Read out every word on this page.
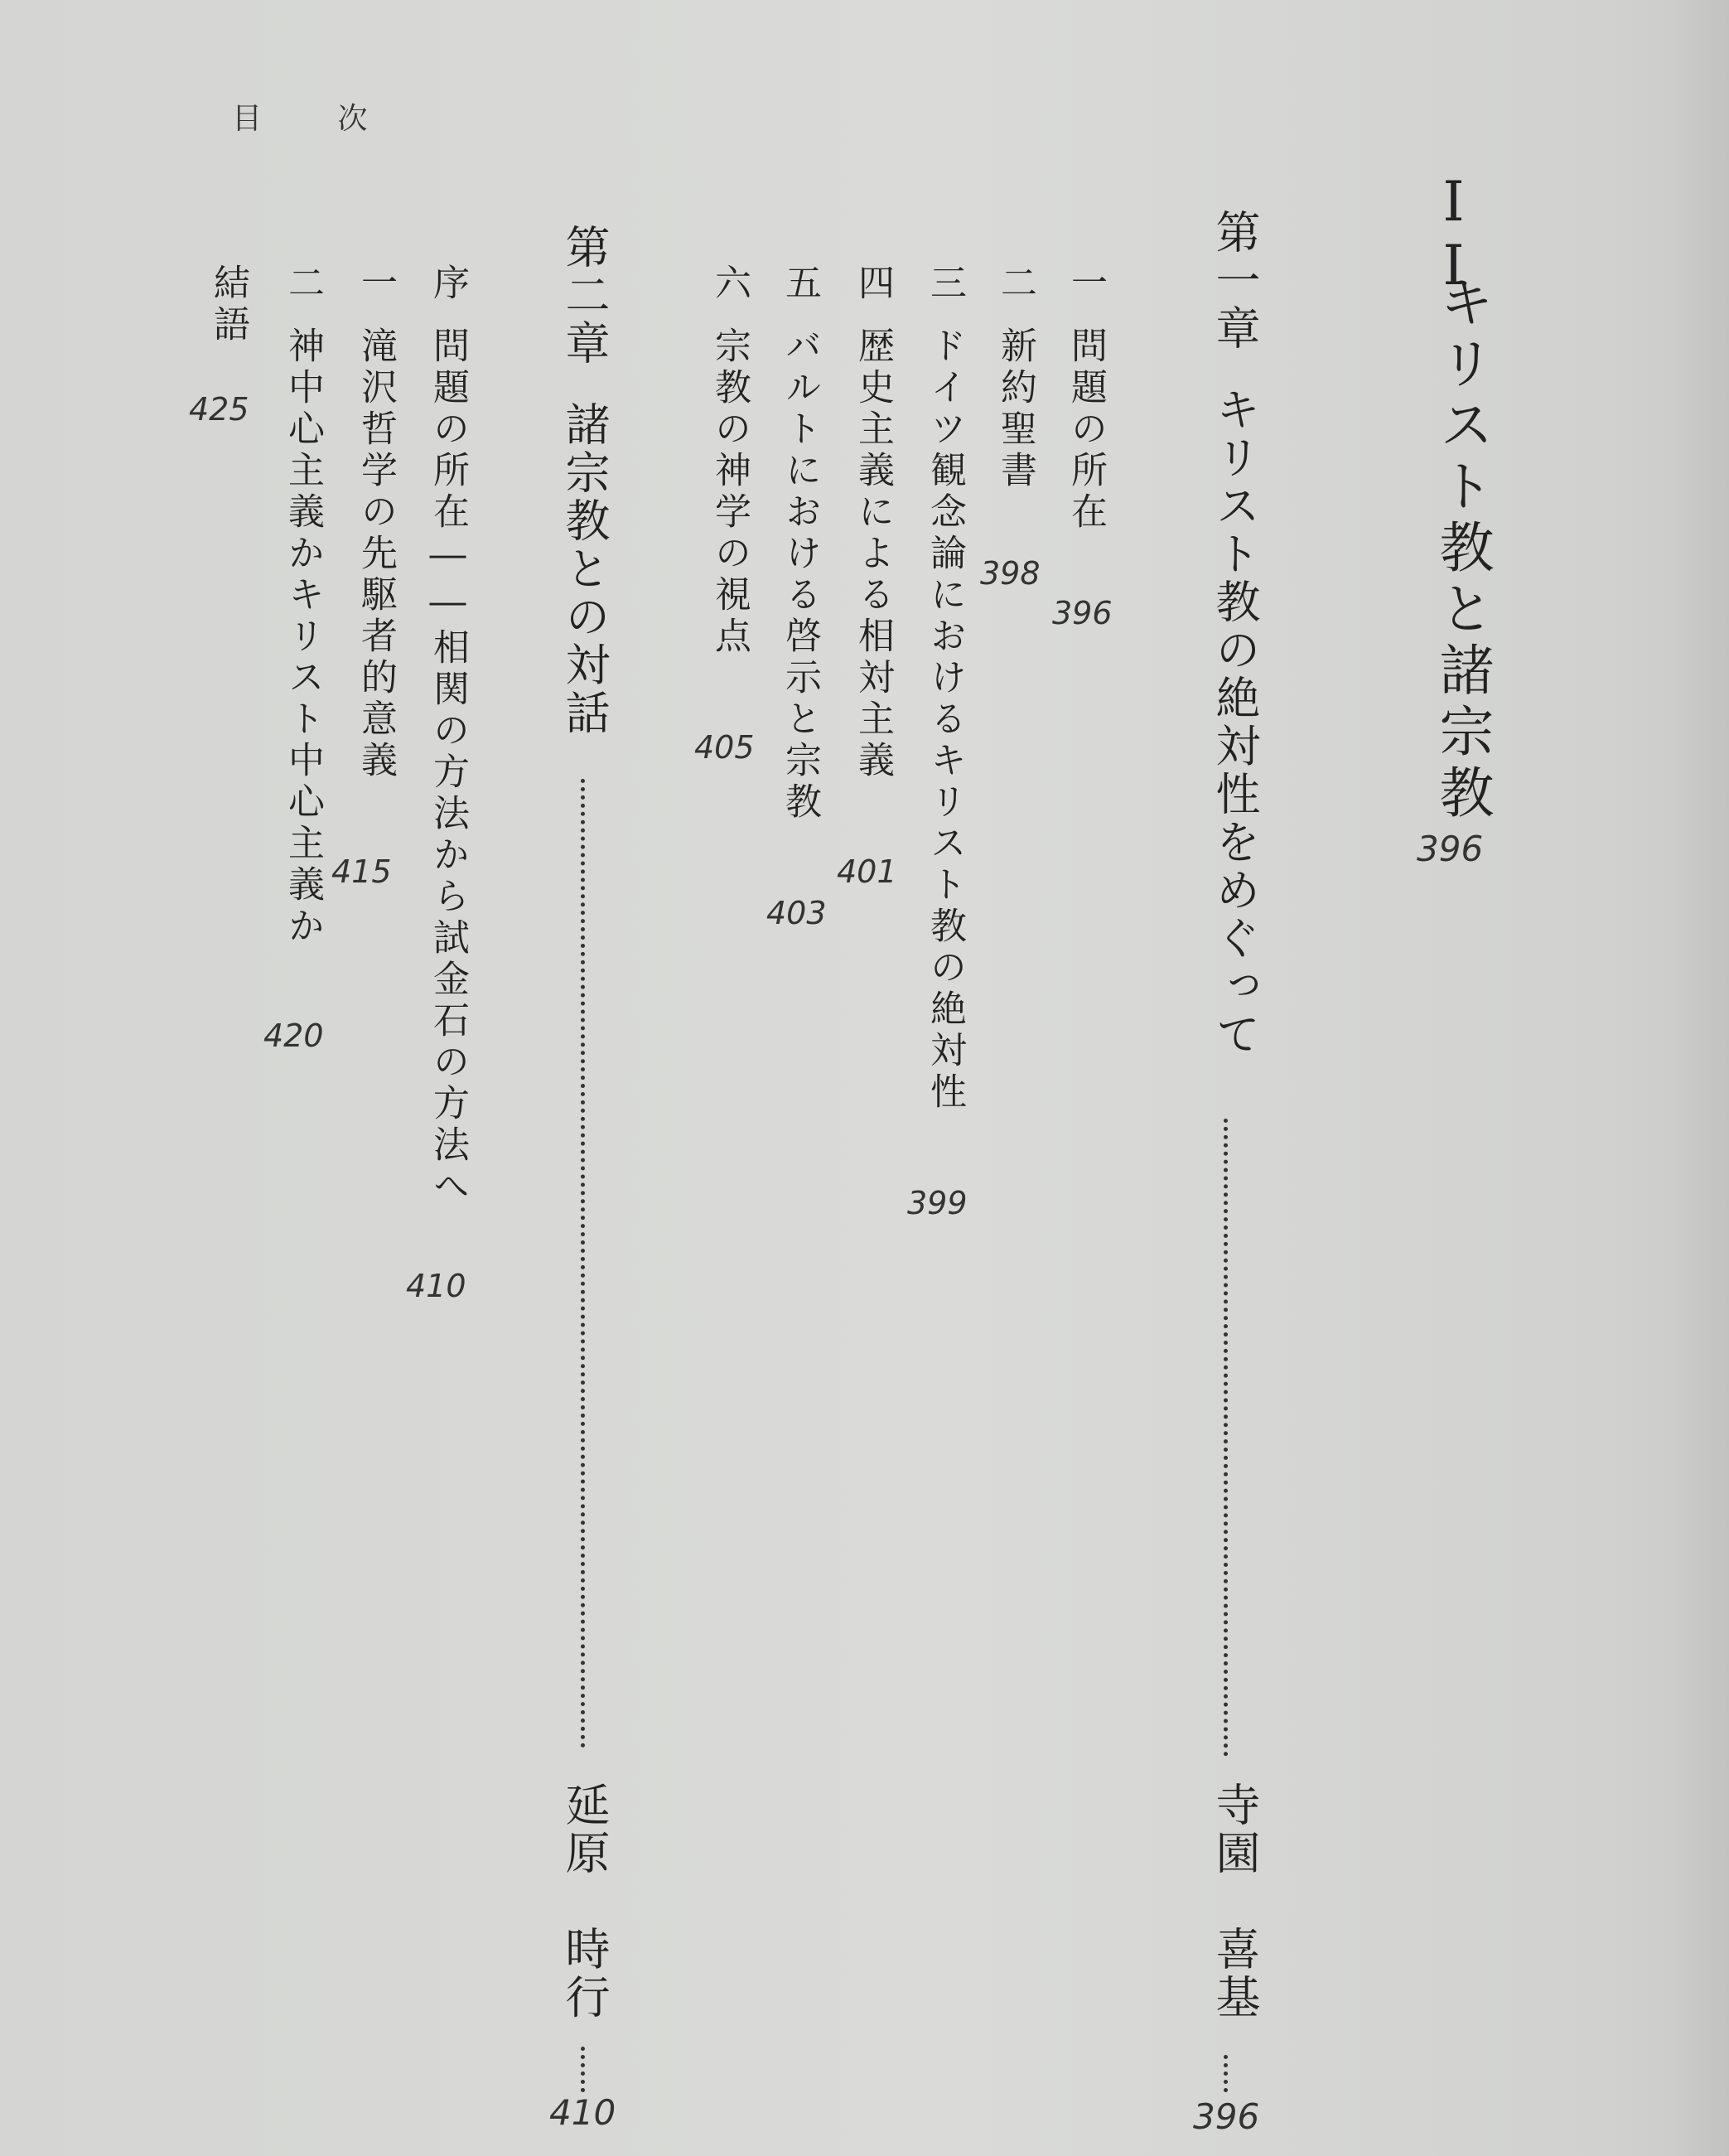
目 次
II
キリスト教と諸宗教
396
第一章キリスト教の絶対性をめぐって
寺園　喜基
396
一問題の所在
396
二新約聖書
398
三ドイツ観念論におけるキリスト教の絶対性
399
四歴史主義による相対主義
401
五バルトにおける啓示と宗教
403
六宗教の神学の視点
405
第二章諸宗教との対話
延原　時行
410
序問題の所在――相関の方法から試金石の方法へ
410
一滝沢哲学の先駆者的意義
415
二神中心主義かキリスト中心主義か
420
結語
425
